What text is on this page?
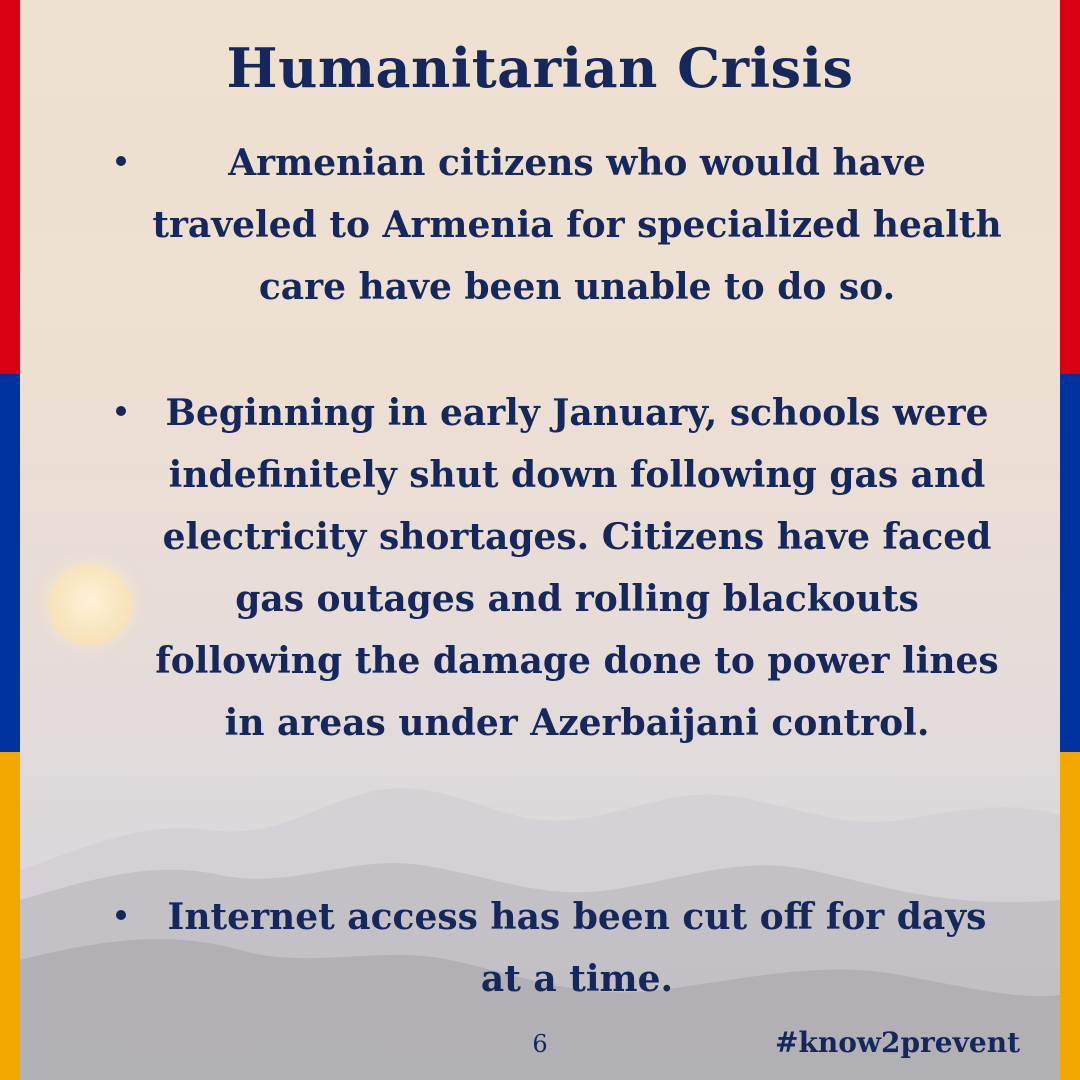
Humanitarian Crisis
Armenian citizens who would have traveled to Armenia for specialized health care have been unable to do so.
Beginning in early January, schools were indefinitely shut down following gas and electricity shortages. Citizens have faced gas outages and rolling blackouts following the damage done to power lines in areas under Azerbaijani control.
Internet access has been cut off for days at a time.
6	#know2prevent
